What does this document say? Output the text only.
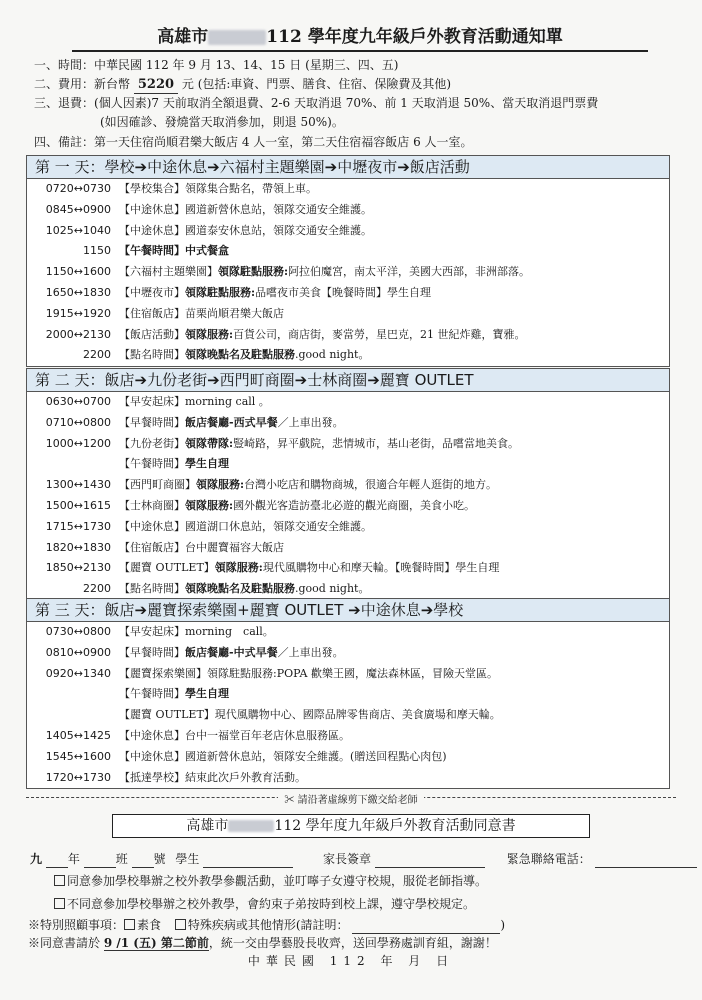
高雄市	112 學年度九年級戶外教育活動通知單
一、時間：中華民國 112 年 9 月 13、14、15 日 (星期三、四、五)
二、費用：新台幣 5220 元 (包括:車資、門票、膳食、住宿、保險費及其他)
三、退費：(個人因素)7 天前取消全額退費、2-6 天取消退 70%、前 1 天取消退 50%、當天取消退門票費
(如因確診、發燒當天取消參加，則退 50%)。
四、備註：第一天住宿尚順君樂大飯店 4 人一室，第二天住宿福容飯店 6 人一室。
第 一 天：學校➔中途休息➔六福村主題樂園➔中壢夜市➔飯店活動
0720↔0730 【學校集合】領隊集合點名，帶領上車。
0845↔0900 【中途休息】國道新營休息站，領隊交通安全維護。
1025↔1040 【中途休息】國道泰安休息站，領隊交通安全維護。
1150 【午餐時間】中式餐盒
1150↔1600 【六福村主題樂園】領隊駐點服務:阿拉伯魔宮，南太平洋，美國大西部，非洲部落。
1650↔1830 【中壢夜市】領隊駐點服務:品嚐夜市美食【晚餐時間】學生自理
1915↔1920 【住宿飯店】苗栗尚順君樂大飯店
2000↔2130 【飯店活動】領隊服務:百貨公司，商店街，麥當勞，星巴克，21 世紀炸雞，寶雅。
2200 【點名時間】領隊晚點名及駐點服務.good night。
第 二 天：飯店➔九份老街➔西門町商圈➔士林商圈➔麗寶 OUTLET
0630↔0700 【早安起床】morning call 。
0710↔0800 【早餐時間】飯店餐廳-西式早餐／上車出發。
1000↔1200 【九份老街】領隊帶隊:豎崎路，昇平戲院，悲情城市，基山老街，品嚐當地美食。
【午餐時間】學生自理
1300↔1430 【西門町商圈】領隊服務:台灣小吃店和購物商城，很適合年輕人逛街的地方。
1500↔1615 【士林商圈】領隊服務:國外觀光客造訪臺北必遊的觀光商圈，美食小吃。
1715↔1730 【中途休息】國道湖口休息站，領隊交通安全維護。
1820↔1830 【住宿飯店】台中麗寶福容大飯店
1850↔2130 【麗寶 OUTLET】領隊服務:現代風購物中心和摩天輪。【晚餐時間】學生自理
2200 【點名時間】領隊晚點名及駐點服務.good night。
第 三 天：飯店➔麗寶探索樂園+麗寶 OUTLET ➔中途休息➔學校
0730↔0800 【早安起床】morning　call。
0810↔0900 【早餐時間】飯店餐廳-中式早餐／上車出發。
0920↔1340 【麗寶探索樂園】領隊駐點服務:POPA 歡樂王國，魔法森林區，冒險天堂區。
【午餐時間】學生自理
【麗寶 OUTLET】現代風購物中心、國際品牌零售商店、美食廣場和摩天輪。
1405↔1425 【中途休息】台中一福堂百年老店休息服務區。
1545↔1600 【中途休息】國道新營休息站，領隊安全維護。(贈送回程點心肉包)
1720↔1730 【抵達學校】結束此次戶外教育活動。
✂ 請沿著虛線剪下繳交給老師
高雄市	112 學年度九年級戶外教育活動同意書
九 年	班 號 學生	家長簽章	緊急聯絡電話：
同意參加學校舉辦之校外教學參觀活動，並叮嚀子女遵守校規，服從老師指導。
不同意參加學校舉辦之校外教學，會約束子弟按時到校上課，遵守學校規定。
※特別照顧事項： 素食 特殊疾病或其他情形(請註明：	)
※同意書請於 9 /1 (五) 第二節前，統一交由學藝股長收齊，送回學務處訓育組，謝謝！
中華民國 112 年 月 日
